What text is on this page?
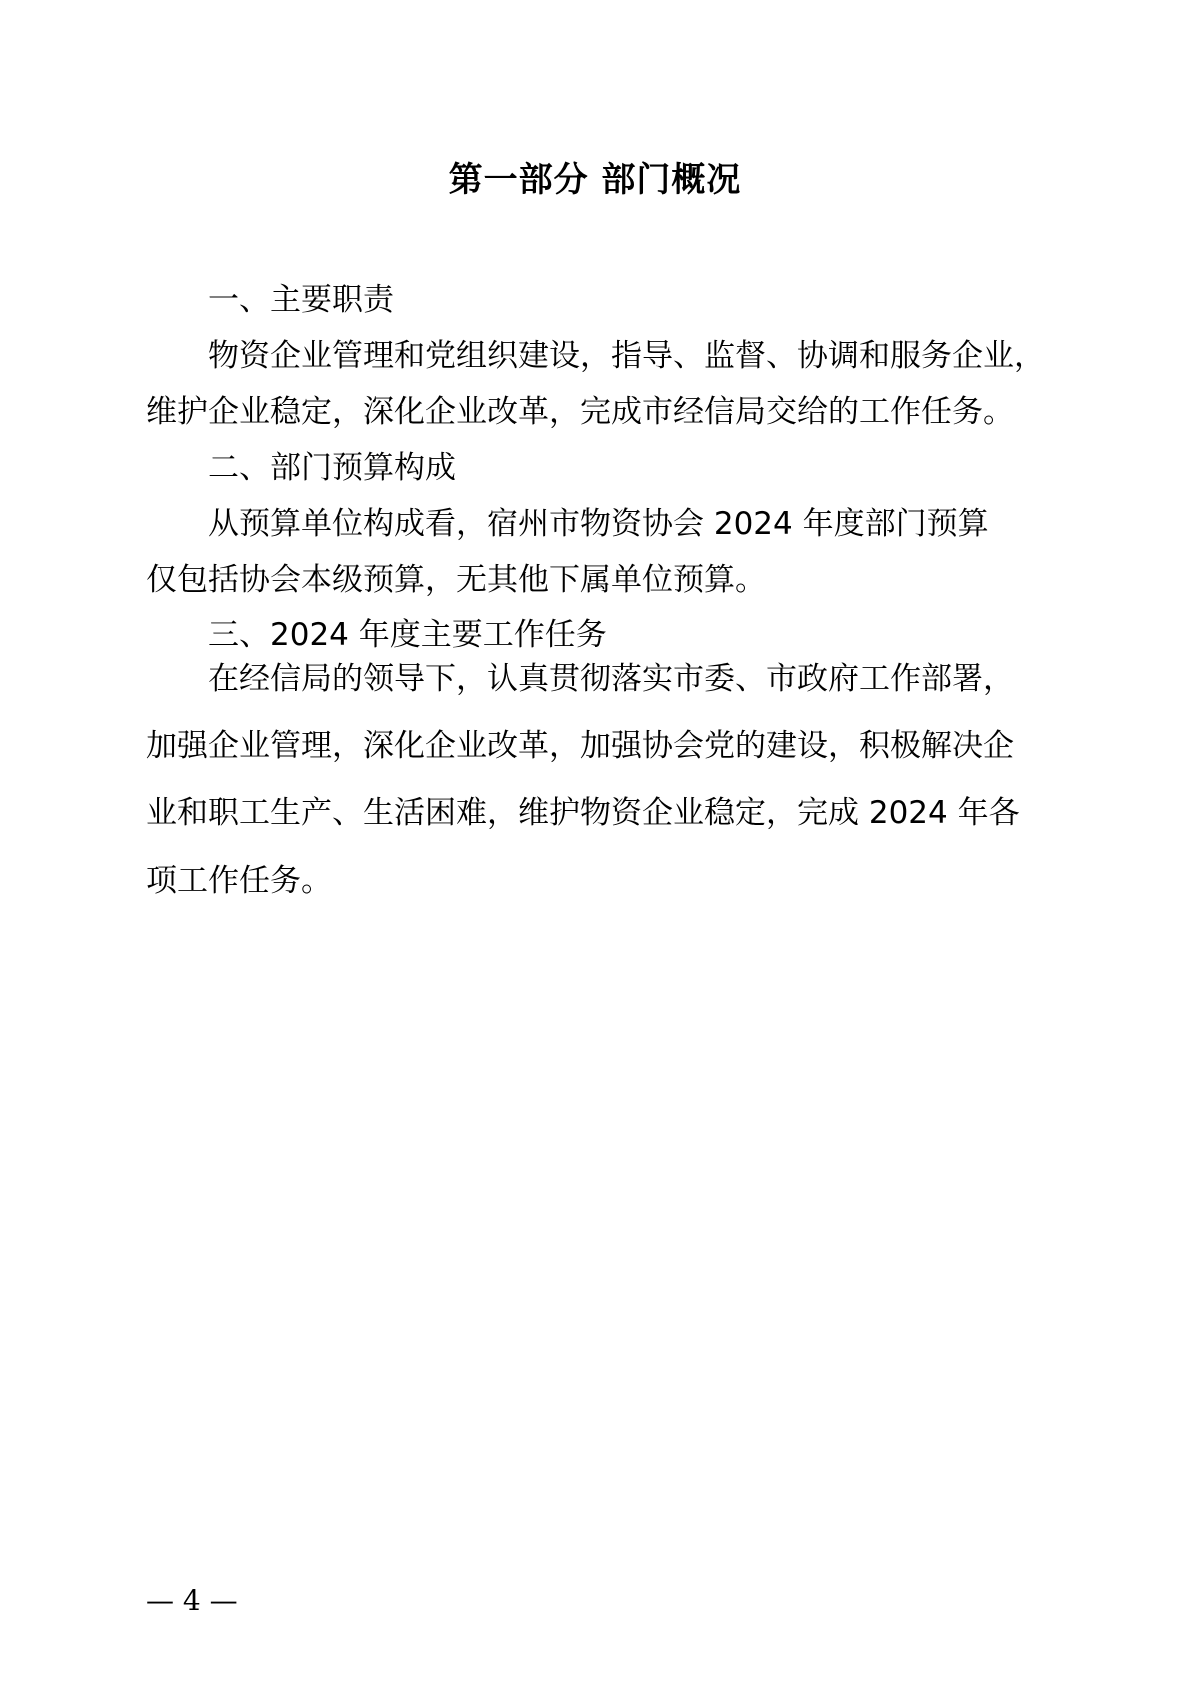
第一部分 部门概况
一、主要职责
物资企业管理和党组织建设，指导、监督、协调和服务企业，
维护企业稳定，深化企业改革，完成市经信局交给的工作任务。
二、部门预算构成
从预算单位构成看，宿州市物资协会 2024 年度部门预算
仅包括协会本级预算，无其他下属单位预算。
三、2024 年度主要工作任务
在经信局的领导下，认真贯彻落实市委、市政府工作部署，
加强企业管理，深化企业改革，加强协会党的建设，积极解决企
业和职工生产、生活困难，维护物资企业稳定，完成 2024 年各
项工作任务。
— 4 —
